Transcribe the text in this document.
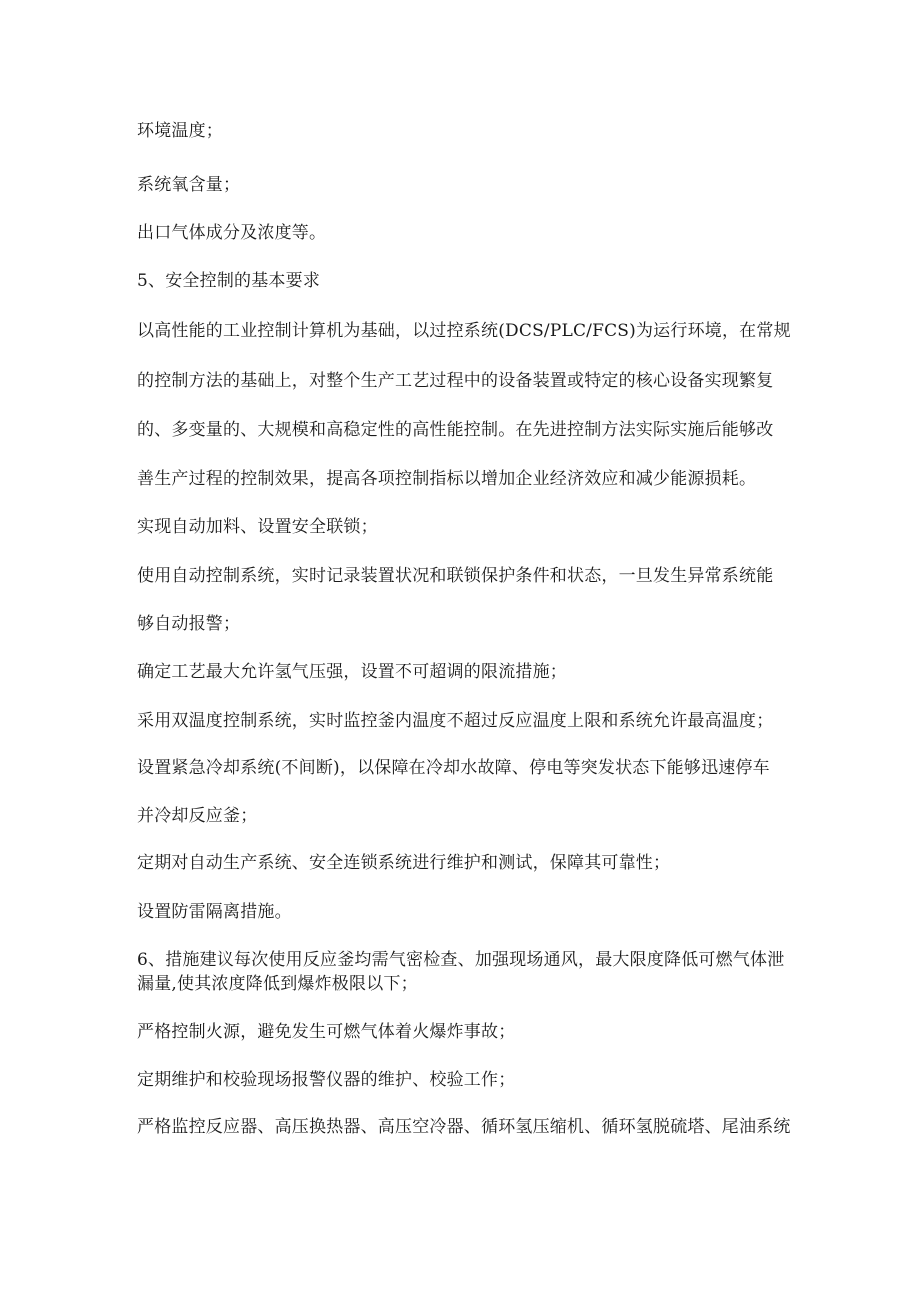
环境温度；
系统氧含量；
出口气体成分及浓度等。
5、安全控制的基本要求
以高性能的工业控制计算机为基础，以过控系统(DCS/PLC/FCS)为运行环境，在常规
的控制方法的基础上，对整个生产工艺过程中的设备装置或特定的核心设备实现繁复
的、多变量的、大规模和高稳定性的高性能控制。在先进控制方法实际实施后能够改
善生产过程的控制效果，提高各项控制指标以增加企业经济效应和减少能源损耗。
实现自动加料、设置安全联锁；
使用自动控制系统，实时记录装置状况和联锁保护条件和状态，一旦发生异常系统能
够自动报警；
确定工艺最大允许氢气压强，设置不可超调的限流措施；
采用双温度控制系统，实时监控釜内温度不超过反应温度上限和系统允许最高温度；
设置紧急冷却系统(不间断)，以保障在冷却水故障、停电等突发状态下能够迅速停车
并冷却反应釜；
定期对自动生产系统、安全连锁系统进行维护和测试，保障其可靠性；
设置防雷隔离措施。
6、措施建议每次使用反应釜均需气密检查、加强现场通风，最大限度降低可燃气体泄
漏量,使其浓度降低到爆炸极限以下；
严格控制火源，避免发生可燃气体着火爆炸事故；
定期维护和校验现场报警仪器的维护、校验工作；
严格监控反应器、高压换热器、高压空冷器、循环氢压缩机、循环氢脱硫塔、尾油系统
